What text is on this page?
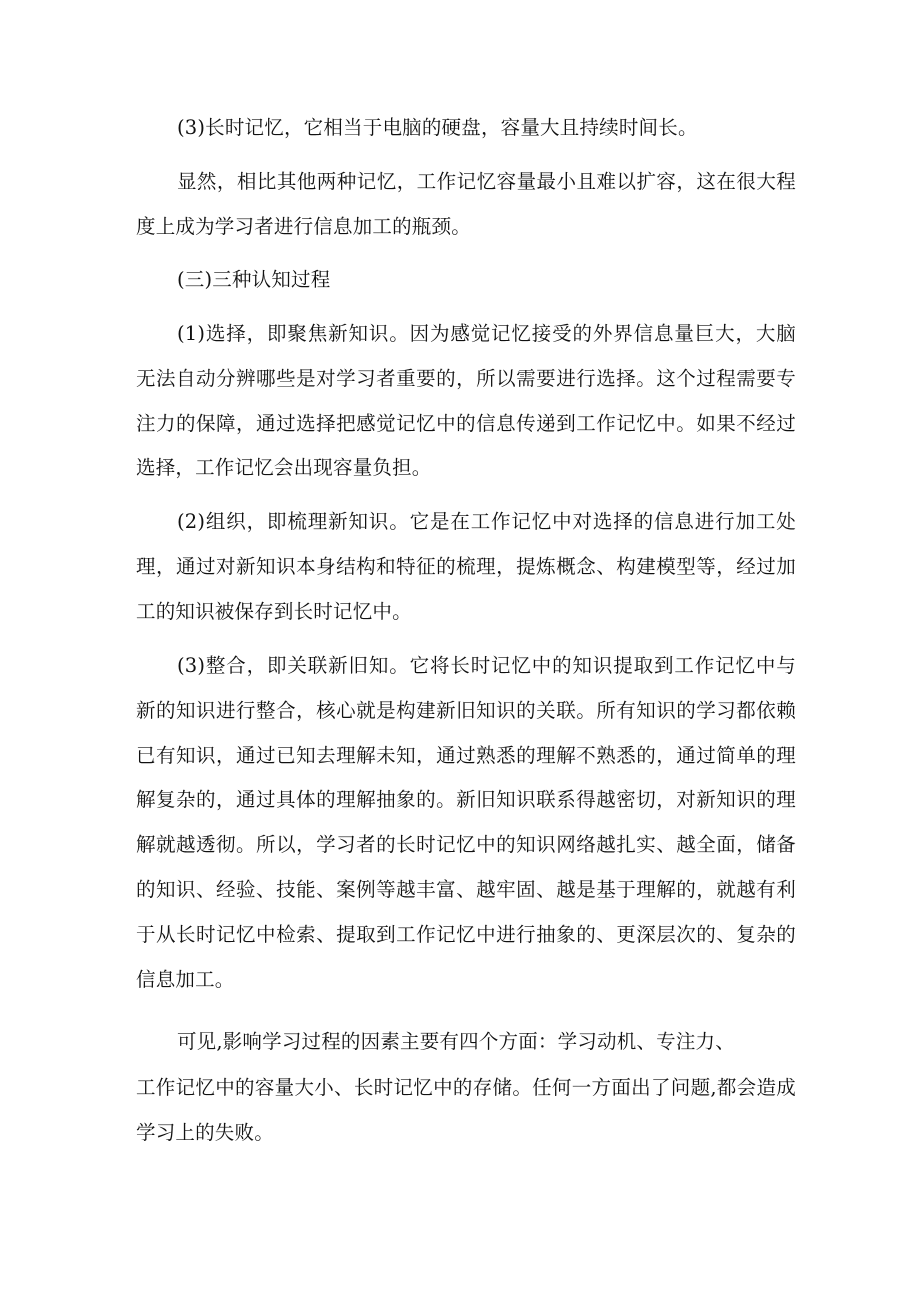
(3)长时记忆，它相当于电脑的硬盘，容量大且持续时间长。

显然，相比其他两种记忆，工作记忆容量最小且难以扩容，这在很大程度上成为学习者进行信息加工的瓶颈。

(三)三种认知过程

(1)选择，即聚焦新知识。因为感觉记忆接受的外界信息量巨大，大脑无法自动分辨哪些是对学习者重要的，所以需要进行选择。这个过程需要专注力的保障，通过选择把感觉记忆中的信息传递到工作记忆中。如果不经过选择，工作记忆会出现容量负担。

(2)组织，即梳理新知识。它是在工作记忆中对选择的信息进行加工处理，通过对新知识本身结构和特征的梳理，提炼概念、构建模型等，经过加工的知识被保存到长时记忆中。

(3)整合，即关联新旧知。它将长时记忆中的知识提取到工作记忆中与新的知识进行整合，核心就是构建新旧知识的关联。所有知识的学习都依赖已有知识，通过已知去理解未知，通过熟悉的理解不熟悉的，通过简单的理解复杂的，通过具体的理解抽象的。新旧知识联系得越密切，对新知识的理解就越透彻。所以，学习者的长时记忆中的知识网络越扎实、越全面，储备的知识、经验、技能、案例等越丰富、越牢固、越是基于理解的，就越有利于从长时记忆中检索、提取到工作记忆中进行抽象的、更深层次的、复杂的信息加工。

可见,影响学习过程的因素主要有四个方面：学习动机、专注力、

工作记忆中的容量大小、长时记忆中的存储。任何一方面出了问题,都会造成学习上的失败。
